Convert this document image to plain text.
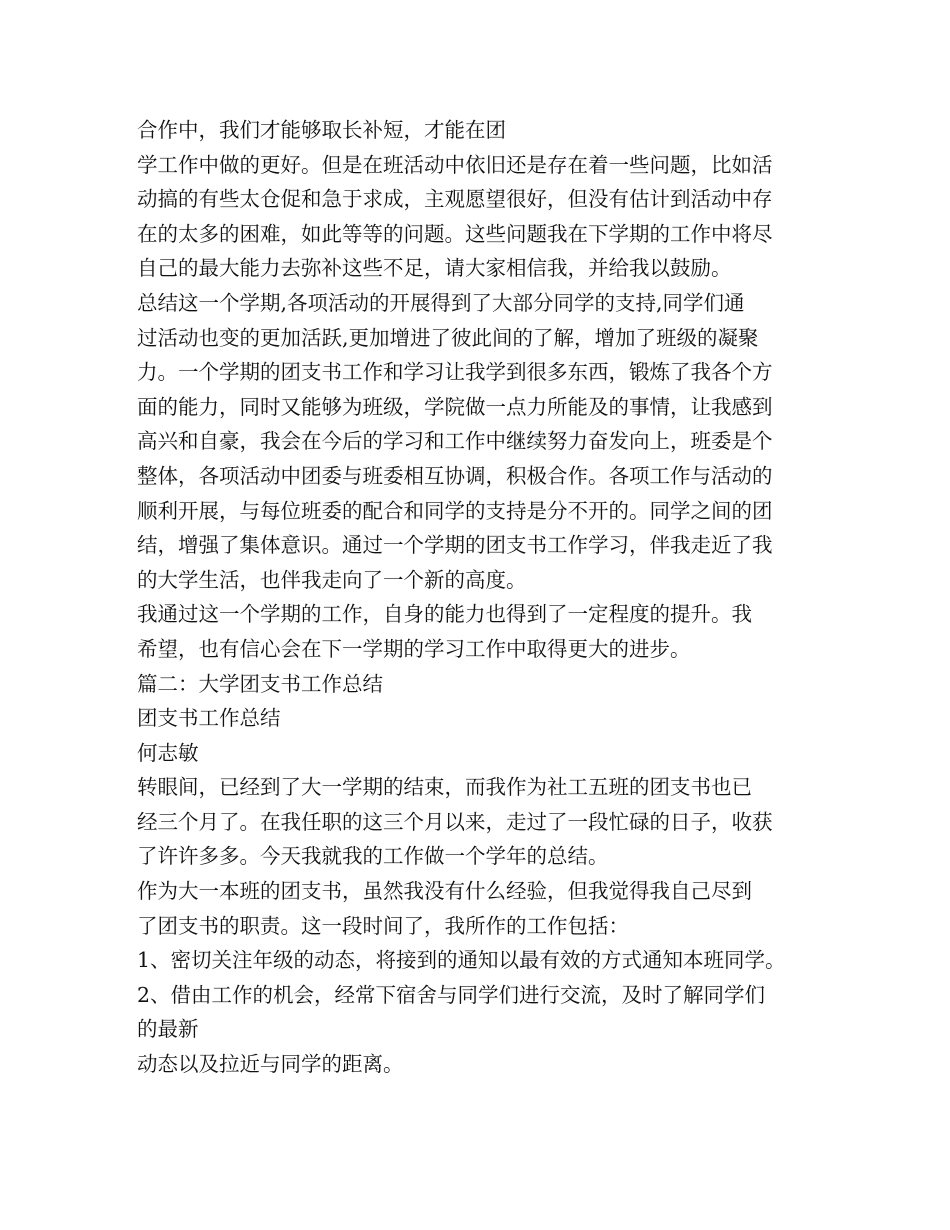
合作中，我们才能够取长补短，才能在团
学工作中做的更好。但是在班活动中依旧还是存在着一些问题，比如活
动搞的有些太仓促和急于求成，主观愿望很好，但没有估计到活动中存
在的太多的困难，如此等等的问题。这些问题我在下学期的工作中将尽
自己的最大能力去弥补这些不足，请大家相信我，并给我以鼓励。
总结这一个学期,各项活动的开展得到了大部分同学的支持,同学们通
过活动也变的更加活跃,更加增进了彼此间的了解，增加了班级的凝聚
力。一个学期的团支书工作和学习让我学到很多东西，锻炼了我各个方
面的能力，同时又能够为班级，学院做一点力所能及的事情，让我感到
高兴和自豪，我会在今后的学习和工作中继续努力奋发向上，班委是个
整体，各项活动中团委与班委相互协调，积极合作。各项工作与活动的
顺利开展，与每位班委的配合和同学的支持是分不开的。同学之间的团
结，增强了集体意识。通过一个学期的团支书工作学习，伴我走近了我
的大学生活，也伴我走向了一个新的高度。
我通过这一个学期的工作，自身的能力也得到了一定程度的提升。我
希望，也有信心会在下一学期的学习工作中取得更大的进步。
篇二：大学团支书工作总结
团支书工作总结
何志敏
转眼间，已经到了大一学期的结束，而我作为社工五班的团支书也已
经三个月了。在我任职的这三个月以来，走过了一段忙碌的日子，收获
了许许多多。今天我就我的工作做一个学年的总结。
作为大一本班的团支书，虽然我没有什么经验，但我觉得我自己尽到
了团支书的职责。这一段时间了，我所作的工作包括：
1、密切关注年级的动态，将接到的通知以最有效的方式通知本班同学。
2、借由工作的机会，经常下宿舍与同学们进行交流，及时了解同学们
的最新
动态以及拉近与同学的距离。
